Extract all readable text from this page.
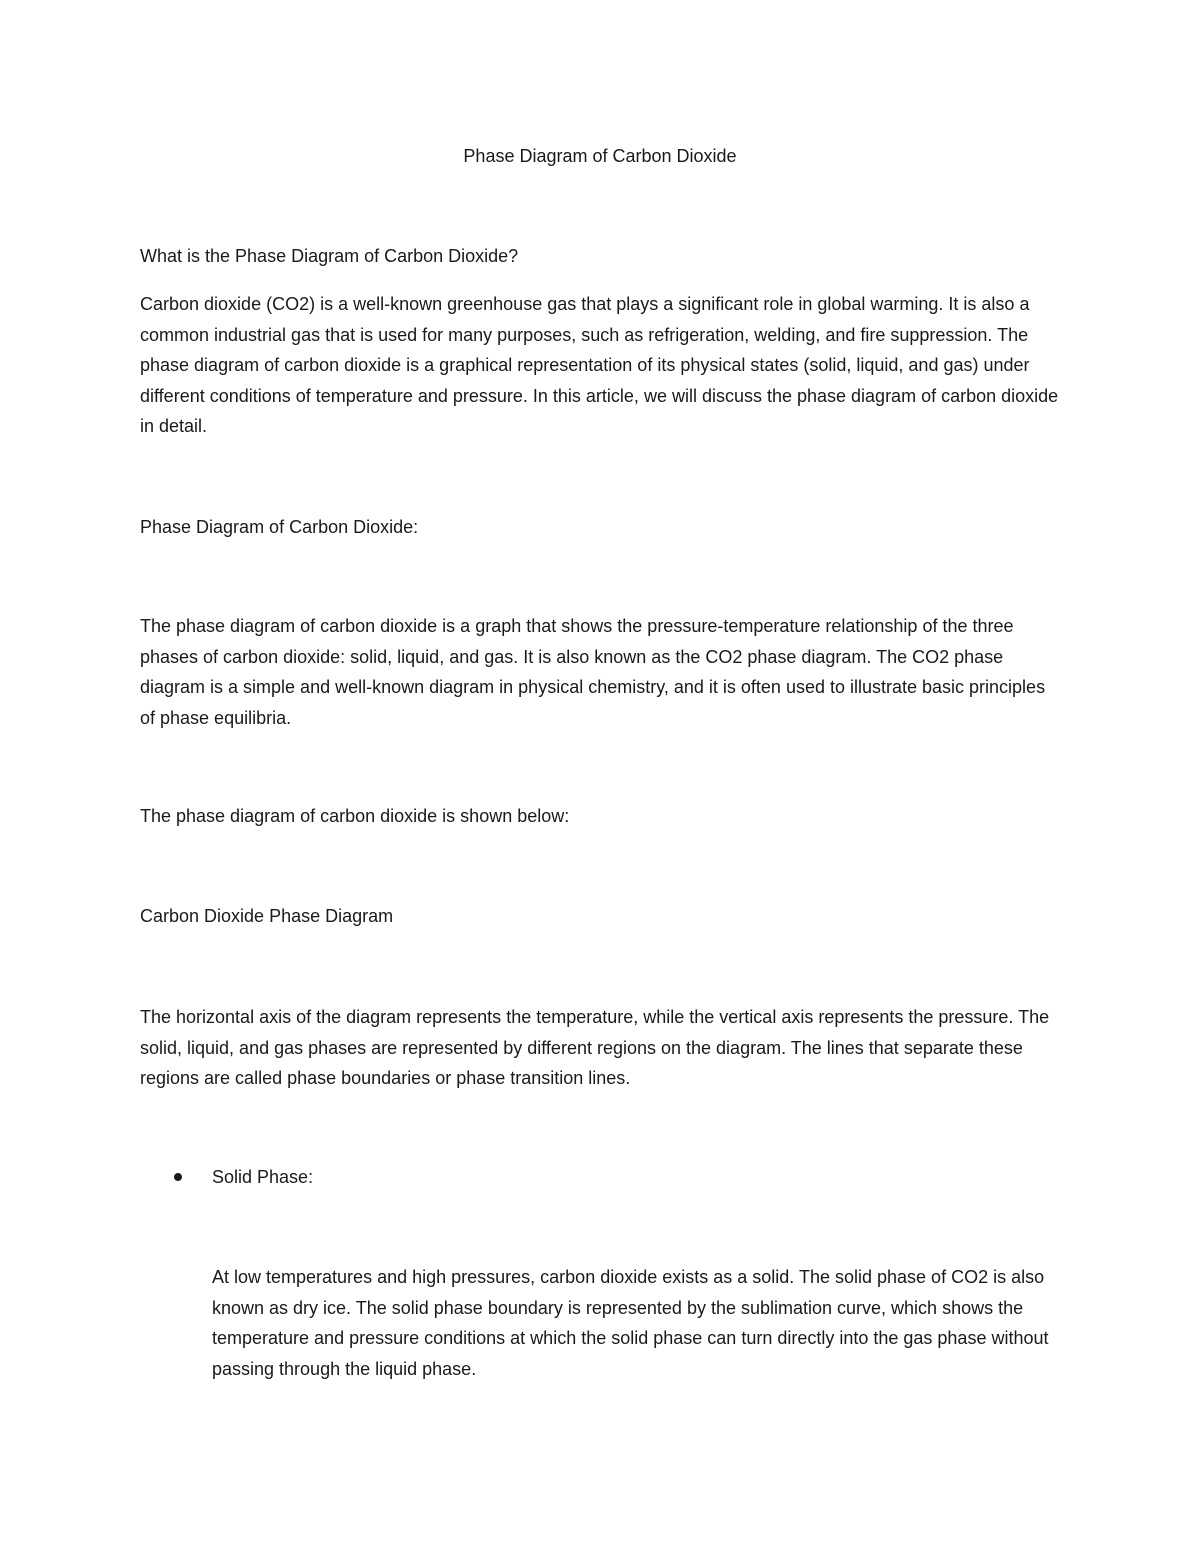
Phase Diagram of Carbon Dioxide

What is the Phase Diagram of Carbon Dioxide?

Carbon dioxide (CO2) is a well-known greenhouse gas that plays a significant role in global warming. It is also a common industrial gas that is used for many purposes, such as refrigeration, welding, and fire suppression. The phase diagram of carbon dioxide is a graphical representation of its physical states (solid, liquid, and gas) under different conditions of temperature and pressure. In this article, we will discuss the phase diagram of carbon dioxide in detail.

Phase Diagram of Carbon Dioxide:

The phase diagram of carbon dioxide is a graph that shows the pressure-temperature relationship of the three phases of carbon dioxide: solid, liquid, and gas. It is also known as the CO2 phase diagram. The CO2 phase diagram is a simple and well-known diagram in physical chemistry, and it is often used to illustrate basic principles of phase equilibria.

The phase diagram of carbon dioxide is shown below:

Carbon Dioxide Phase Diagram

The horizontal axis of the diagram represents the temperature, while the vertical axis represents the pressure. The solid, liquid, and gas phases are represented by different regions on the diagram. The lines that separate these regions are called phase boundaries or phase transition lines.

Solid Phase:

At low temperatures and high pressures, carbon dioxide exists as a solid. The solid phase of CO2 is also known as dry ice. The solid phase boundary is represented by the sublimation curve, which shows the temperature and pressure conditions at which the solid phase can turn directly into the gas phase without passing through the liquid phase.
